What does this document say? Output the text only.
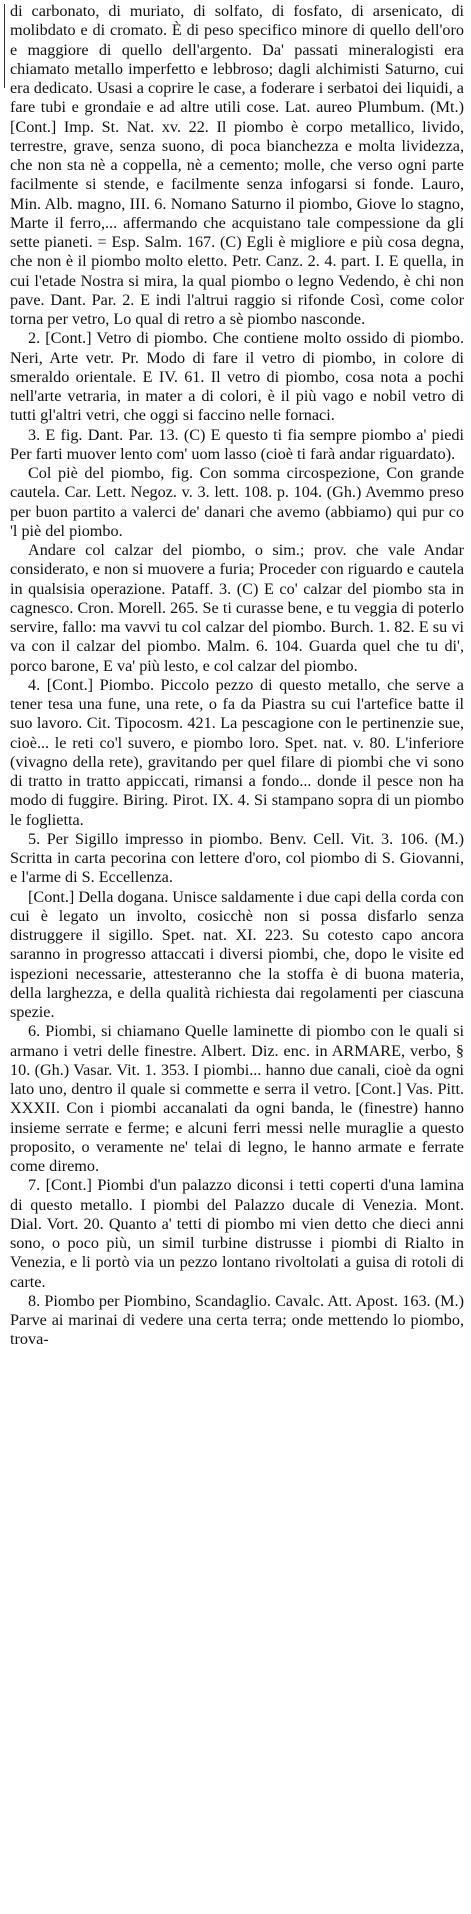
di carbonato, di muriato, di solfato, di fosfato, di arsenicato, di molibdato e di cromato. È di peso specifico minore di quello dell'oro e maggiore di quello dell'argento. Da' passati mineralogisti era chiamato metallo imperfetto e lebbroso; dagli alchimisti Saturno, cui era dedicato. Usasi a coprire le case, a foderare i serbatoi dei liquidi, a fare tubi e grondaie e ad altre utili cose. Lat. aureo Plumbum. (Mt.) [Cont.] Imp. St. Nat. xv. 22. Il piombo è corpo metallico, livido, terrestre, grave, senza suono, di poca bianchezza e molta lividezza, che non sta nè a coppella, nè a cemento; molle, che verso ogni parte facilmente si stende, e facilmente senza infogarsi si fonde. Lauro, Min. Alb. magno, III. 6. Nomano Saturno il piombo, Giove lo stagno, Marte il ferro,... affermando che acquistano tale compessione da gli sette pianeti. = Esp. Salm. 167. (C) Egli è migliore e più cosa degna, che non è il piombo molto eletto. Petr. Canz. 2. 4. part. I. E quella, in cui l'etade Nostra si mira, la qual piombo o legno Vedendo, è chi non pave. Dant. Par. 2. E indi l'altrui raggio si rifonde Così, come color torna per vetro, Lo qual di retro a sè piombo nasconde.

2. [Cont.] Vetro di piombo. Che contiene molto ossido di piombo. Neri, Arte vetr. Pr. Modo di fare il vetro di piombo, in colore di smeraldo orientale. E IV. 61. Il vetro di piombo, cosa nota a pochi nell'arte vetraria, in mater a di colori, è il più vago e nobil vetro di tutti gl'altri vetri, che oggi si faccino nelle fornaci.

3. E fig. Dant. Par. 13. (C) E questo ti fia sempre piombo a' piedi Per farti muover lento com' uom lasso (cioè ti farà andar riguardato).

Col piè del piombo, fig. Con somma circospezione, Con grande cautela. Car. Lett. Negoz. v. 3. lett. 108. p. 104. (Gh.) Avemmo preso per buon partito a valerci de' danari che avemo (abbiamo) qui pur co 'l piè del piombo.

Andare col calzar del piombo, o sim.; prov. che vale Andar considerato, e non si muovere a furia; Proceder con riguardo e cautela in qualsisia operazione. Pataff. 3. (C) E co' calzar del piombo sta in cagnesco. Cron. Morell. 265. Se ti curasse bene, e tu veggia di poterlo servire, fallo: ma vavvi tu col calzar del piombo. Burch. 1. 82. E su vi va con il calzar del piombo. Malm. 6. 104. Guarda quel che tu di', porco barone, E va' più lesto, e col calzar del piombo.

4. [Cont.] Piombo. Piccolo pezzo di questo metallo, che serve a tener tesa una fune, una rete, o fa da Piastra su cui l'artefice batte il suo lavoro. Cit. Tipocosm. 421. La pescagione con le pertinenzie sue, cioè... le reti co'l suvero, e piombo loro. Spet. nat. v. 80. L'inferiore (vivagno della rete), gravitando per quel filare di piombi che vi sono di tratto in tratto appiccati, rimansi a fondo... donde il pesce non ha modo di fuggire. Biring. Pirot. IX. 4. Si stampano sopra di un piombo le foglietta.

5. Per Sigillo impresso in piombo. Benv. Cell. Vit. 3. 106. (M.) Scritta in carta pecorina con lettere d'oro, col piombo di S. Giovanni, e l'arme di S. Eccellenza.

[Cont.] Della dogana. Unisce saldamente i due capi della corda con cui è legato un involto, cosicchè non si possa disfarlo senza distruggere il sigillo. Spet. nat. XI. 223. Su cotesto capo ancora saranno in progresso attaccati i diversi piombi, che, dopo le visite ed ispezioni necessarie, attesteranno che la stoffa è di buona materia, della larghezza, e della qualità richiesta dai regolamenti per ciascuna spezie.

6. Piombi, si chiamano Quelle laminette di piombo con le quali si armano i vetri delle finestre. Albert. Diz. enc. in ARMARE, verbo, § 10. (Gh.) Vasar. Vit. 1. 353. I piombi... hanno due canali, cioè da ogni lato uno, dentro il quale si commette e serra il vetro. [Cont.] Vas. Pitt. XXXII. Con i piombi accanalati da ogni banda, le (finestre) hanno insieme serrate e ferme; e alcuni ferri messi nelle muraglie a questo proposito, o veramente ne' telai di legno, le hanno armate e ferrate come diremo.

7. [Cont.] Piombi d'un palazzo diconsi i tetti coperti d'una lamina di questo metallo. I piombi del Palazzo ducale di Venezia. Mont. Dial. Vort. 20. Quanto a' tetti di piombo mi vien detto che dieci anni sono, o poco più, un simil turbine distrusse i piombi di Rialto in Venezia, e li portò via un pezzo lontano rivoltolati a guisa di rotoli di carte.

8. Piombo per Piombino, Scandaglio. Cavalc. Att. Apost. 163. (M.) Parve ai marinai di vedere una certa terra; onde mettendo lo piombo, trova-
